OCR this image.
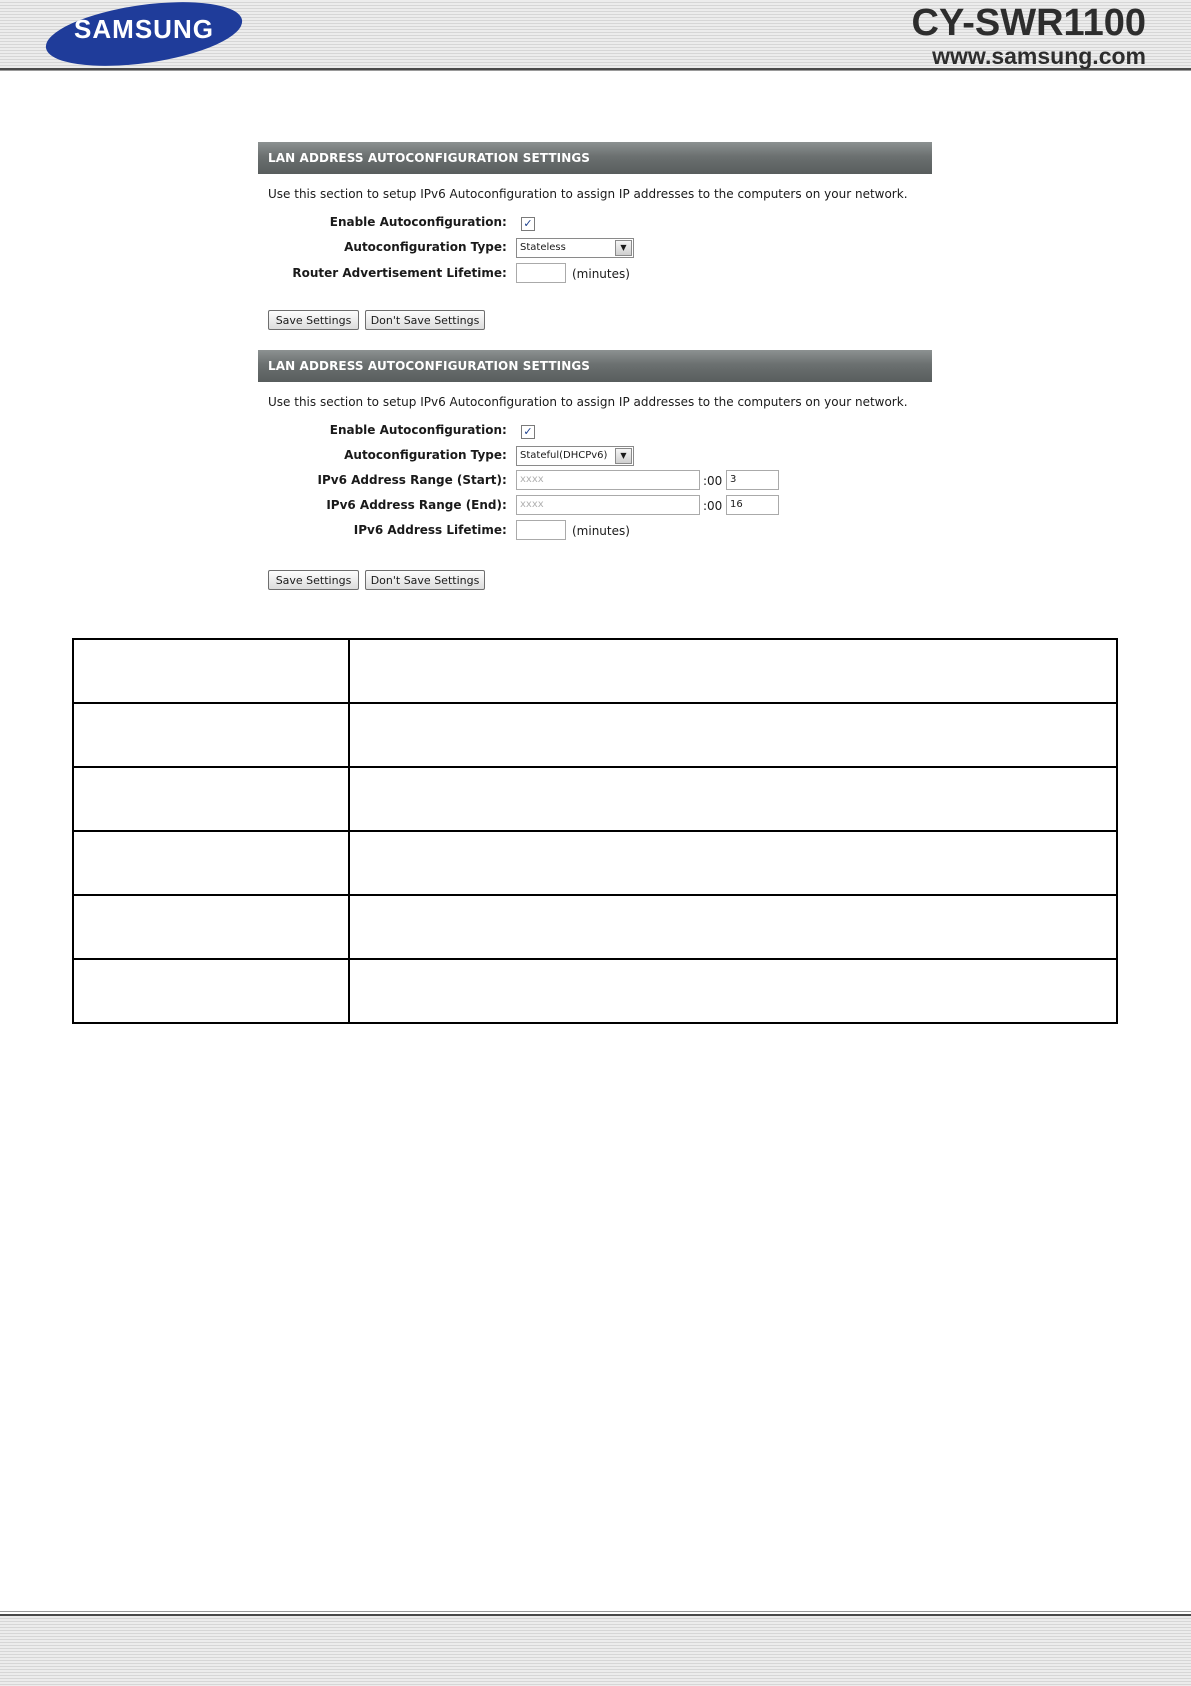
SAMSUNG	CY-SWR1100
www.samsung.com
LAN ADDRESS AUTOCONFIGURATION SETTINGS
Use this section to setup IPv6 Autoconfiguration to assign IP addresses to the computers on your network.
Enable Autoconfiguration : ✓
Autoconfiguration Type : Stateless	▼
Router Advertisement Lifetime :	(minutes)
Save Settings	Don't Save Settings
LAN ADDRESS AUTOCONFIGURATION SETTINGS
Use this section to setup IPv6 Autoconfiguration to assign IP addresses to the computers on your network.
Enable Autoconfiguration : ✓
Autoconfiguration Type : Stateful(DHCPv6)	▼
IPv6 Address Range (Start) :	xxxx	:00 3
IPv6 Address Range (End) :	xxxx	:00 16
IPv6 Address Lifetime :	(minutes)
Save Settings	Don't Save Settings
